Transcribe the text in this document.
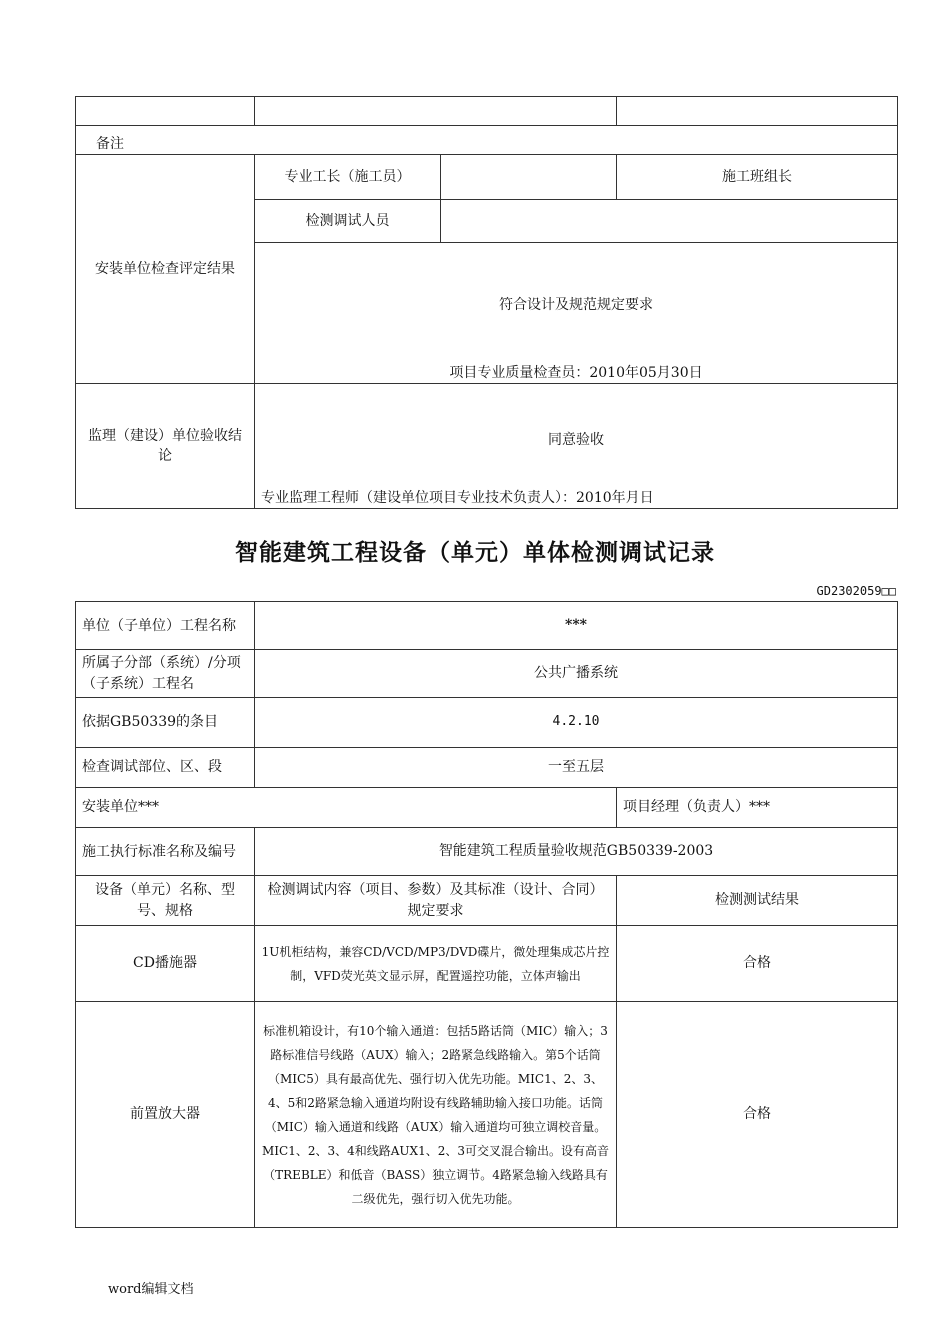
备注			
安装单位检查评定结果	专业工长（施工员）		施工班组长
	检测调试人员		

	符合设计及规范规定要求
项目专业质量检查员：2010年05月30日		

监理（建设）单位验收结论	同意验收
专业监理工程师（建设单位项目专业技术负责人）：2010年月日		
智能建筑工程设备（单元）单体检测调试记录
GD2302059□□
单位（子单位）工程名称	***	
所属子分部（系统）/分项（子系统）工程名	公共广播系统	
依据GB50339的条目	4.2.10	
检查调试部位、区、段	一至五层	
安装单位***		项目经理（负责人）***
施工执行标准名称及编号	智能建筑工程质量验收规范GB50339-2003	
设备（单元）名称、型号、规格	检测调试内容（项目、参数）及其标准（设计、合同）规定要求	检测测试结果
CD播施器	1U机柜结构，兼容CD/VCD/MP3/DVD碟片，微处理集成芯片控制，VFD荧光英文显示屏，配置遥控功能，立体声输出	合格
前置放大器	标准机箱设计，有10个输入通道：包括5路话筒（MIC）输入；3路标准信号线路（AUX）输入；2路紧急线路输入。第5个话筒（MIC5）具有最高优先、强行切入优先功能。MIC1、2、3、4、5和2路紧急输入通道均附设有线路辅助输入接口功能。话筒（MIC）输入通道和线路（AUX）输入通道均可独立调校音量。MIC1、2、3、4和线路AUX1、2、3可交叉混合输出。设有高音（TREBLE）和低音（BASS）独立调节。4路紧急输入线路具有二级优先，强行切入优先功能。	合格
word编辑文档
